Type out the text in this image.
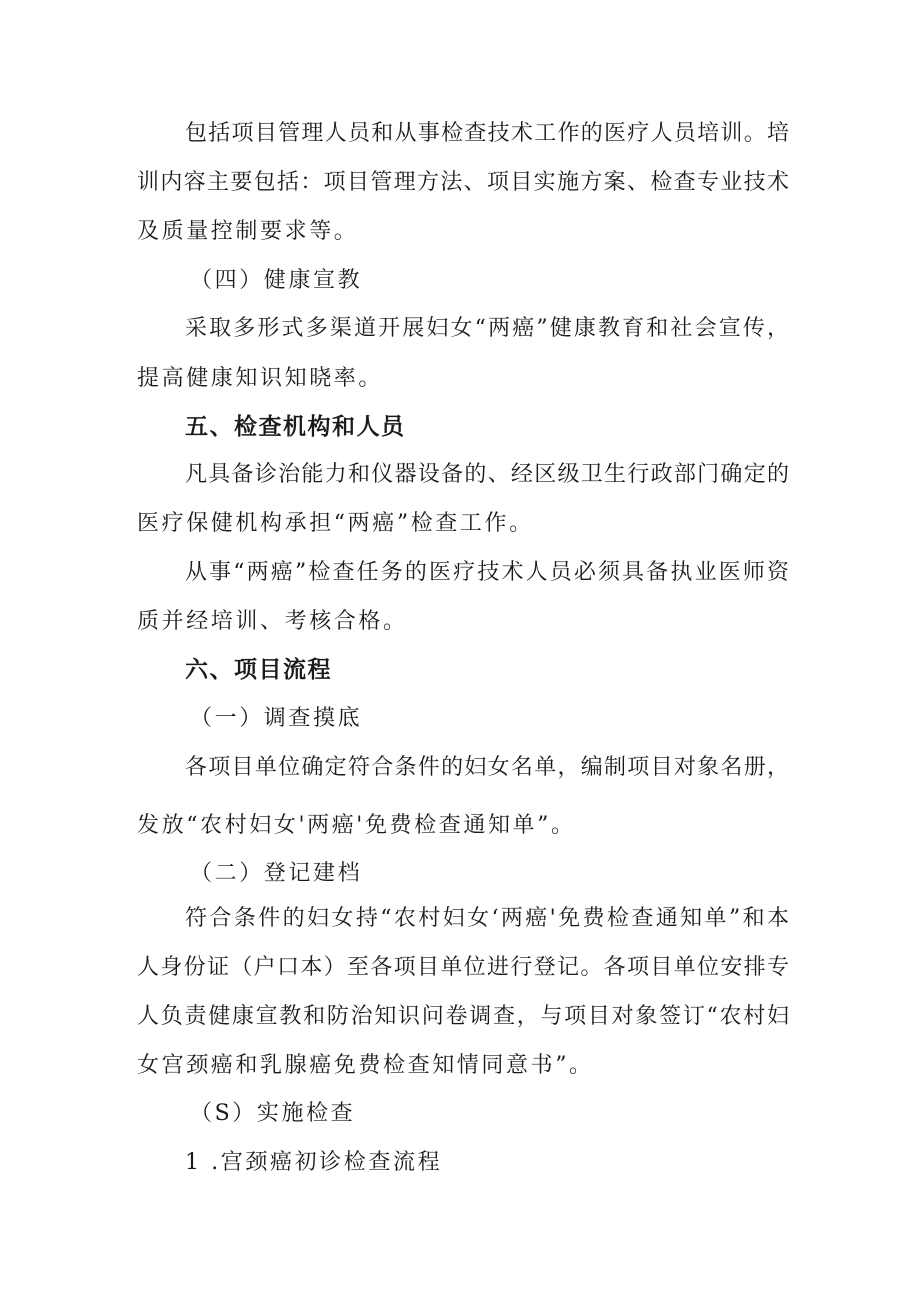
包括项目管理人员和从事检查技术工作的医疗人员培训。培
训内容主要包括：项目管理方法、项目实施方案、检查专业技术
及质量控制要求等。
（四）健康宣教
采取多形式多渠道开展妇女“两癌”健康教育和社会宣传，
提高健康知识知晓率。
五、检查机构和人员
凡具备诊治能力和仪器设备的、经区级卫生行政部门确定的
医疗保健机构承担“两癌”检查工作。
从事“两癌”检查任务的医疗技术人员必须具备执业医师资
质并经培训、考核合格。
六、项目流程
（一）调查摸底
各项目单位确定符合条件的妇女名单，编制项目对象名册，
发放“农村妇女'两癌'免费检查通知单”。
（二）登记建档
符合条件的妇女持“农村妇女‘两癌'免费检查通知单”和本
人身份证（户口本）至各项目单位进行登记。各项目单位安排专
人负责健康宣教和防治知识问卷调查，与项目对象签订“农村妇
女宫颈癌和乳腺癌免费检查知情同意书”。
（S）实施检查
1 .宫颈癌初诊检查流程
